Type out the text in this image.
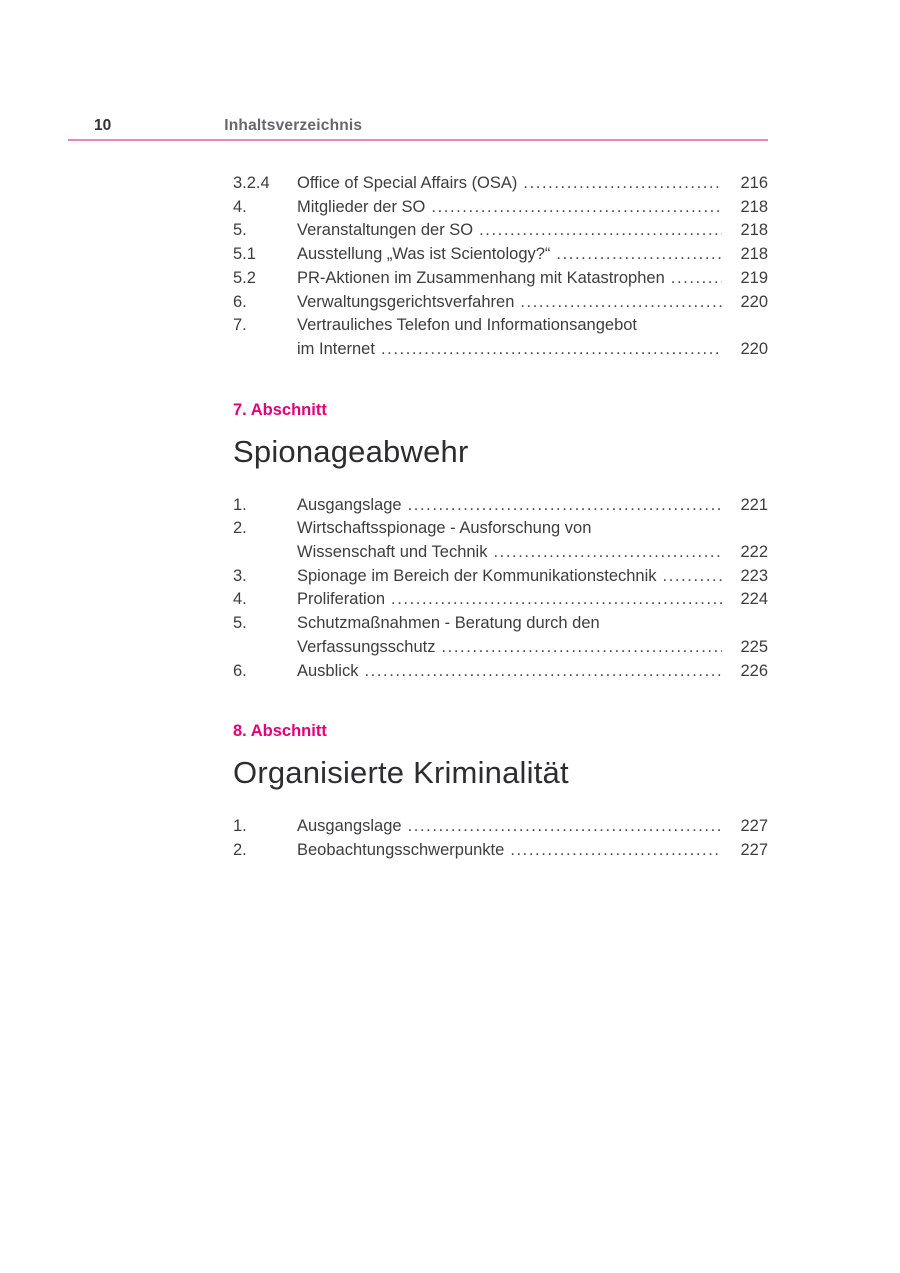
10	Inhaltsverzeichnis
3.2.4	Office of Special Affairs (OSA) .....	216
4.	Mitglieder der SO .....	218
5.	Veranstaltungen der SO .....	218
5.1	Ausstellung „Was ist Scientology?“ .....	218
5.2	PR-Aktionen im Zusammenhang mit Katastrophen .....	219
6.	Verwaltungsgerichtsverfahren .....	220
7.	Vertrauliches Telefon und Informationsangebot
im Internet .....	220
7. Abschnitt
Spionageabwehr
1.	Ausgangslage .....	221
2.	Wirtschaftsspionage - Ausforschung von
Wissenschaft und Technik .....	222
3.	Spionage im Bereich der Kommunikationstechnik .....	223
4.	Proliferation .....	224
5.	Schutzmaßnahmen - Beratung durch den
Verfassungsschutz .....	225
6.	Ausblick .....	226
8. Abschnitt
Organisierte Kriminalität
1.	Ausgangslage .....	227
2.	Beobachtungsschwerpunkte .....	227
